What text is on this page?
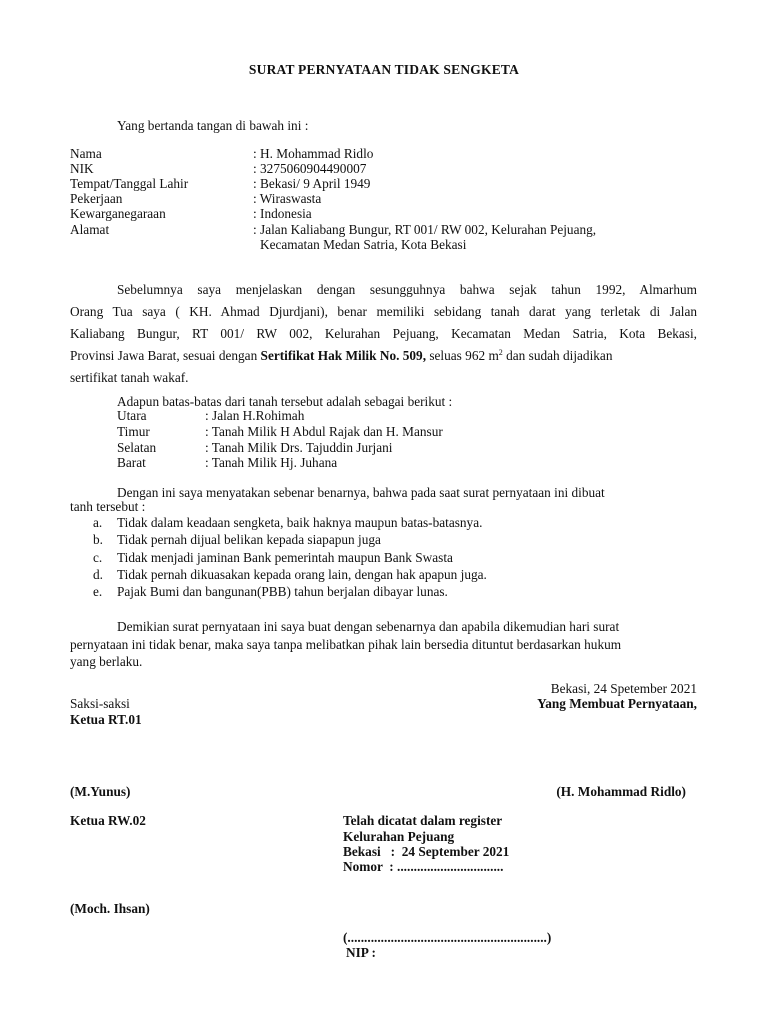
SURAT PERNYATAAN TIDAK SENGKETA
Yang bertanda tangan di bawah ini :
Nama	: H. Mohammad Ridlo
NIK	: 3275060904490007
Tempat/Tanggal Lahir	: Bekasi/ 9 April 1949
Pekerjaan	: Wiraswasta
Kewarganegaraan	: Indonesia
Alamat	: Jalan Kaliabang Bungur, RT 001/ RW 002, Kelurahan Pejuang,
Kecamatan Medan Satria, Kota Bekasi
Sebelumnya saya menjelaskan dengan sesungguhnya bahwa sejak tahun 1992, Almarhum
Orang Tua saya ( KH. Ahmad Djurdjani), benar memiliki sebidang tanah darat yang terletak di Jalan
Kaliabang Bungur, RT 001/ RW 002, Kelurahan Pejuang, Kecamatan Medan Satria, Kota Bekasi,
Provinsi Jawa Barat, sesuai dengan Sertifikat Hak Milik No. 509, seluas 962 $m^2$ dan sudah dijadikan
sertifikat tanah wakaf.
Adapun batas-batas dari tanah tersebut adalah sebagai berikut :
Utara	: Jalan H.Rohimah
Timur	: Tanah Milik H Abdul Rajak dan H. Mansur
Selatan	: Tanah Milik Drs. Tajuddin Jurjani
Barat	: Tanah Milik Hj. Juhana
Dengan ini saya menyatakan sebenar benarnya, bahwa pada saat surat pernyataan ini dibuat
tanh tersebut :
a. Tidak dalam keadaan sengketa, baik haknya maupun batas-batasnya.
b. Tidak pernah dijual belikan kepada siapapun juga
c. Tidak menjadi jaminan Bank pemerintah maupun Bank Swasta
d. Tidak pernah dikuasakan kepada orang lain, dengan hak apapun juga.
e. Pajak Bumi dan bangunan(PBB) tahun berjalan dibayar lunas.
Demikian surat pernyataan ini saya buat dengan sebenarnya dan apabila dikemudian hari surat
pernyataan ini tidak benar, maka saya tanpa melibatkan pihak lain bersedia dituntut berdasarkan hukum
yang berlaku.
Bekasi, 24 Spetember 2021
Saksi-saksi	Yang Membuat Pernyataan,
Ketua RT.01
(M.Yunus)	(H. Mohammad Ridlo)
Ketua RW.02	Telah dicatat dalam register
Kelurahan Pejuang
Bekasi   :  24 September 2021
Nomor  : ................................
(Moch. Ihsan)
(............................................................)
NIP :
